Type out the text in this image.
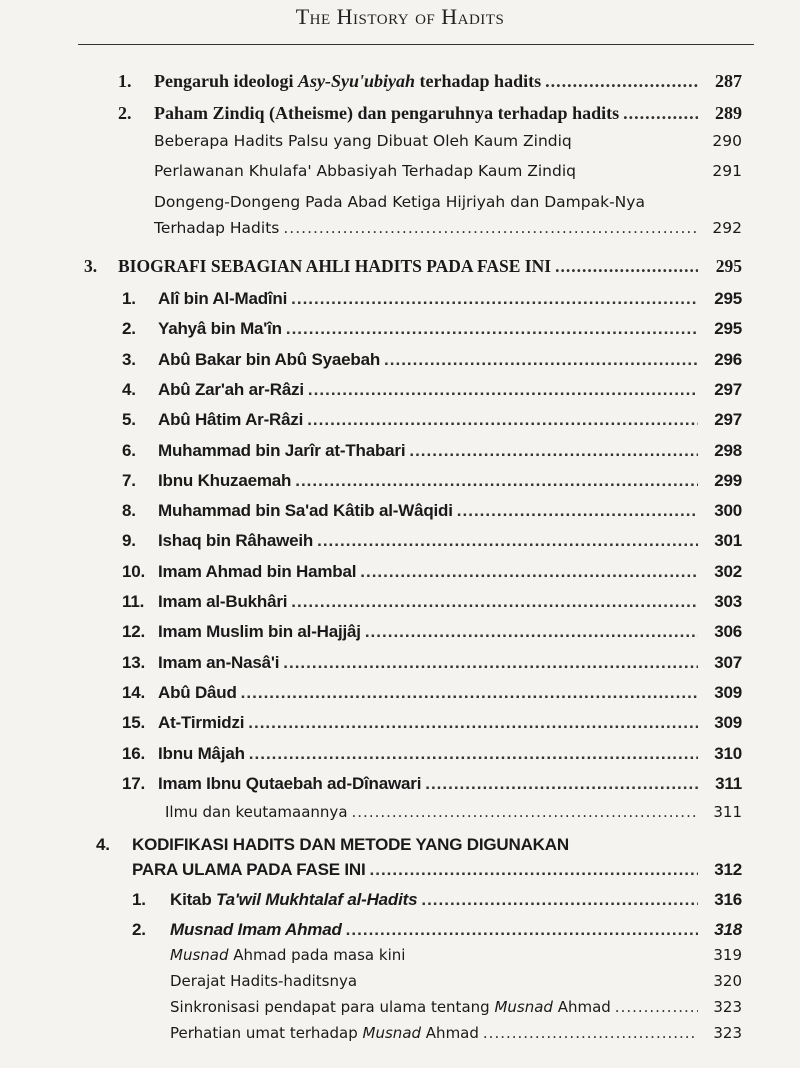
The History of Hadits
1.	Pengaruh ideologi Asy-Syu'ubiyah terhadap hadits .....	287
2.	Paham Zindiq (Atheisme) dan pengaruhnya terhadap hadits .....	289
Beberapa Hadits Palsu yang Dibuat Oleh Kaum Zindiq	290
Perlawanan Khulafa' Abbasiyah Terhadap Kaum Zindiq	291
Dongeng-Dongeng Pada Abad Ketiga Hijriyah dan Dampak-Nya
Terhadap Hadits .....	292
3.	BIOGRAFI SEBAGIAN AHLI HADITS PADA FASE INI .....	295
1.	Alî bin Al-Madîni .....	295
2.	Yahyâ bin Ma'în .....	295
3.	Abû Bakar bin Abû Syaebah .....	296
4.	Abû Zar'ah ar-Râzi .....	297
5.	Abû Hâtim Ar-Râzi .....	297
6.	Muhammad bin Jarîr at-Thabari .....	298
7.	Ibnu Khuzaemah .....	299
8.	Muhammad bin Sa'ad Kâtib al-Wâqidi .....	300
9.	Ishaq bin Râhaweih .....	301
10. Imam Ahmad bin Hambal .....	302
11. Imam al-Bukhâri .....	303
12. Imam Muslim bin al-Hajjâj .....	306
13. Imam an-Nasâ'i .....	307
14. Abû Dâud .....	309
15. At-Tirmidzi .....	309
16. Ibnu Mâjah .....	310
17. Imam Ibnu Qutaebah ad-Dînawari .....	311
Ilmu dan keutamaannya .....	311
4.	KODIFIKASI HADITS DAN METODE YANG DIGUNAKAN
PARA ULAMA PADA FASE INI .....	312
1.	Kitab Ta'wil Mukhtalaf al-Hadits .....	316
2.	Musnad Imam Ahmad .....	318
Musnad Ahmad pada masa kini	319
Derajat Hadits-haditsnya	320
Sinkronisasi pendapat para ulama tentang Musnad Ahmad .....	323
Perhatian umat terhadap Musnad Ahmad .....	323
